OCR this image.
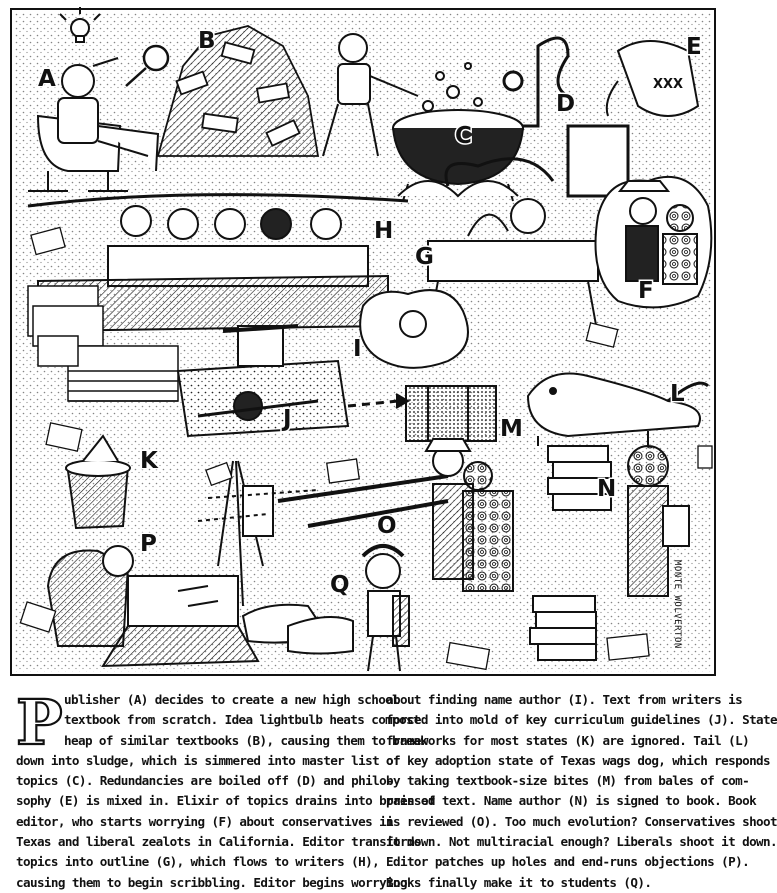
XXX
A
B
C
D
E
F
G
H
I
J
K
L
M
N
O
P
Q	MONTE WOLVERTON
P ublisher (A) decides to create a new high school
textbook from scratch. Idea lightbulb heats compost
heap of similar textbooks (B), causing them to break
down into sludge, which is simmered into master list of
topics (C). Redundancies are boiled off (D) and philo-
sophy (E) is mixed in. Elixir of topics drains into brain of
editor, who starts worrying (F) about conservatives in
Texas and liberal zealots in California. Editor transforms
topics into outline (G), which flows to writers (H),
causing them to begin scribbling. Editor begins worrying
about finding name author (I). Text from writers is
forced into mold of key curriculum guidelines (J). State
frameworks for most states (K) are ignored. Tail (L)
of key adoption state of Texas wags dog, which responds
by taking textbook-size bites (M) from bales of com-
pressed text. Name author (N) is signed to book. Book
is reviewed (O). Too much evolution? Conservatives shoot
it down. Not multiracial enough? Liberals shoot it down.
Editor patches up holes and end-runs objections (P).
Books finally make it to students (Q).
